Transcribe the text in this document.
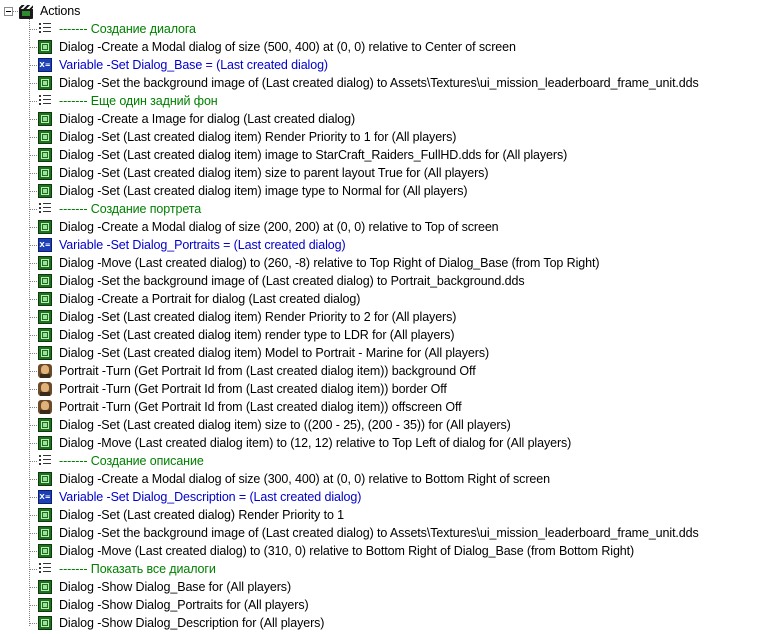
Actions
------- Создание диалога
Dialog -Create a Modal dialog of size (500, 400) at (0, 0) relative to Center of screen
X=
Variable -Set Dialog_Base = (Last created dialog)
Dialog -Set the background image of (Last created dialog) to Assets\Textures\ui_mission_leaderboard_frame_unit.dds
------- Еще один задний фон
Dialog -Create a Image for dialog (Last created dialog)
Dialog -Set (Last created dialog item) Render Priority to 1 for (All players)
Dialog -Set (Last created dialog item) image to StarCraft_Raiders_FullHD.dds for (All players)
Dialog -Set (Last created dialog item) size to parent layout True for (All players)
Dialog -Set (Last created dialog item) image type to Normal for (All players)
------- Создание портрета
Dialog -Create a Modal dialog of size (200, 200) at (0, 0) relative to Top of screen
X=
Variable -Set Dialog_Portraits = (Last created dialog)
Dialog -Move (Last created dialog) to (260, -8) relative to Top Right of Dialog_Base (from Top Right)
Dialog -Set the background image of (Last created dialog) to Portrait_background.dds
Dialog -Create a Portrait for dialog (Last created dialog)
Dialog -Set (Last created dialog item) Render Priority to 2 for (All players)
Dialog -Set (Last created dialog item) render type to LDR for (All players)
Dialog -Set (Last created dialog item) Model to Portrait - Marine for (All players)
Portrait -Turn (Get Portrait Id from (Last created dialog item)) background Off
Portrait -Turn (Get Portrait Id from (Last created dialog item)) border Off
Portrait -Turn (Get Portrait Id from (Last created dialog item)) offscreen Off
Dialog -Set (Last created dialog item) size to ((200 - 25), (200 - 35)) for (All players)
Dialog -Move (Last created dialog item) to (12, 12) relative to Top Left of dialog for (All players)
------- Создание описание
Dialog -Create a Modal dialog of size (300, 400) at (0, 0) relative to Bottom Right of screen
X=
Variable -Set Dialog_Description = (Last created dialog)
Dialog -Set (Last created dialog) Render Priority to 1
Dialog -Set the background image of (Last created dialog) to Assets\Textures\ui_mission_leaderboard_frame_unit.dds
Dialog -Move (Last created dialog) to (310, 0) relative to Bottom Right of Dialog_Base (from Bottom Right)
------- Показать все диалоги
Dialog -Show Dialog_Base for (All players)
Dialog -Show Dialog_Portraits for (All players)
Dialog -Show Dialog_Description for (All players)
